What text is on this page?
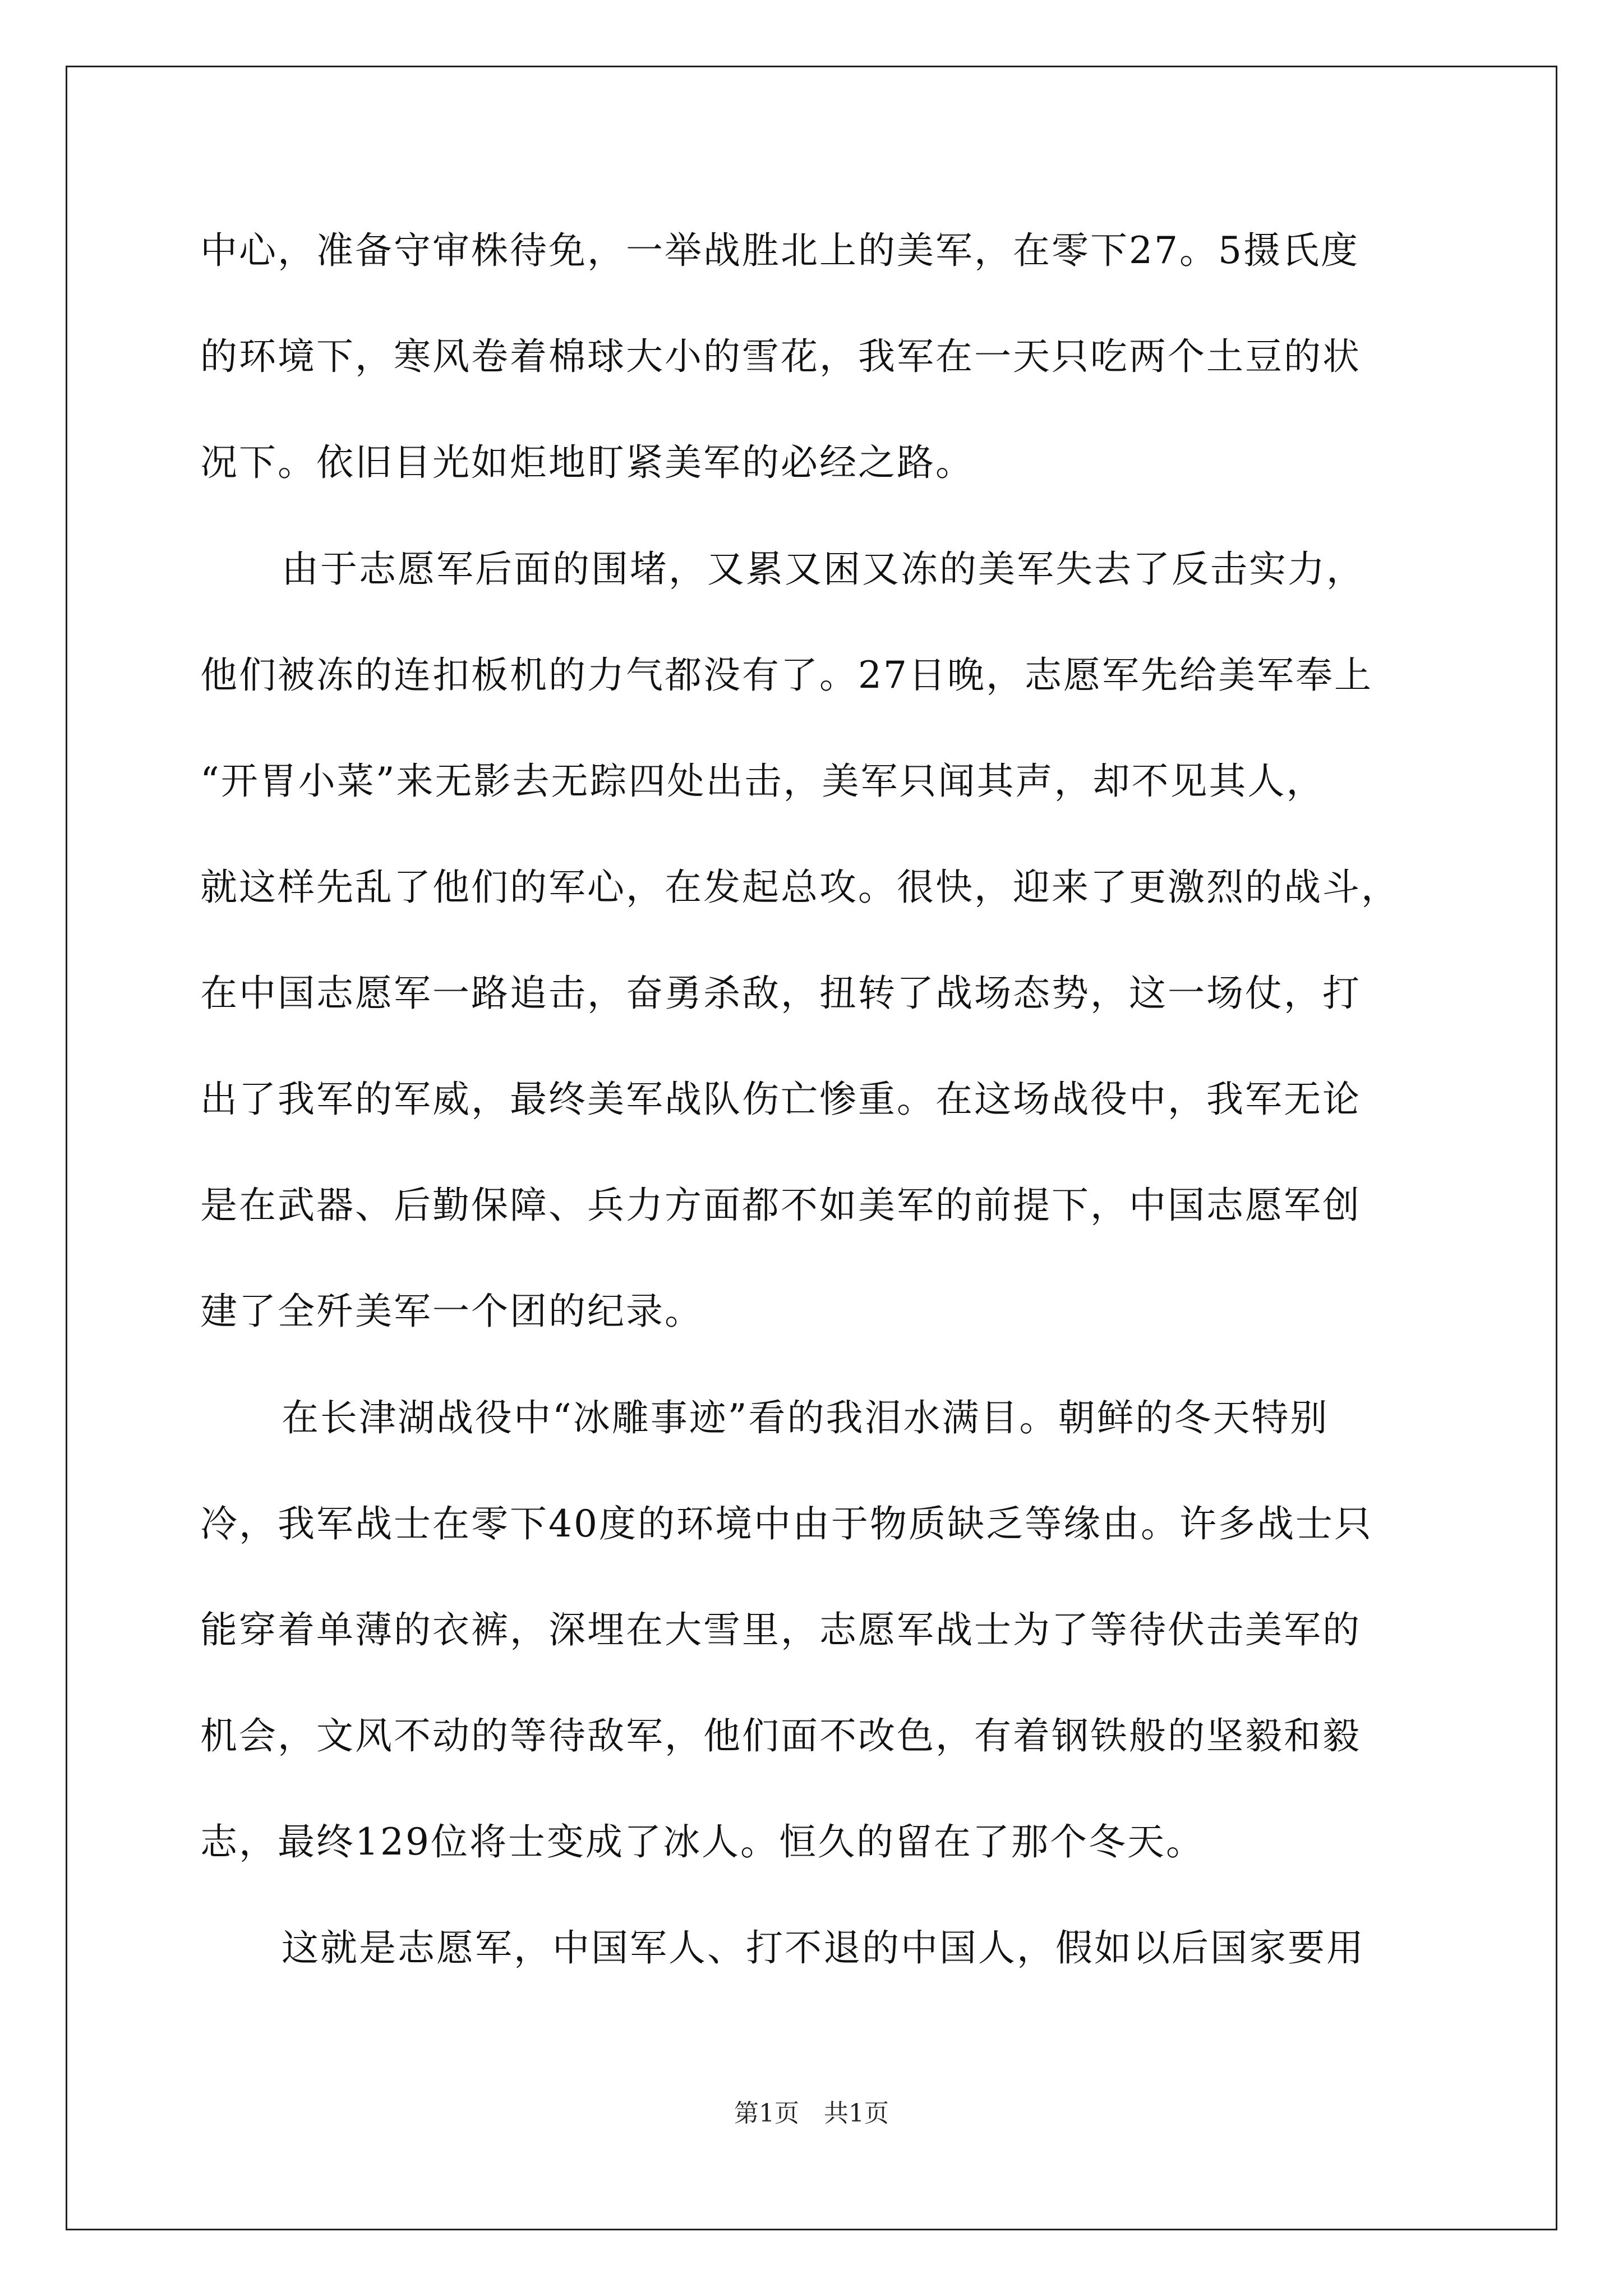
中心，准备守审株待免，一举战胜北上的美军，在零下27。5摄氏度
的环境下，寒风卷着棉球大小的雪花，我军在一天只吃两个土豆的状
况下。依旧目光如炬地盯紧美军的必经之路。
由于志愿军后面的围堵，又累又困又冻的美军失去了反击实力，
他们被冻的连扣板机的力气都没有了。27日晚，志愿军先给美军奉上
“开胃小菜”来无影去无踪四处出击，美军只闻其声，却不见其人，
就这样先乱了他们的军心，在发起总攻。很快，迎来了更激烈的战斗，
在中国志愿军一路追击，奋勇杀敌，扭转了战场态势，这一场仗，打
出了我军的军威，最终美军战队伤亡惨重。在这场战役中，我军无论
是在武器、后勤保障、兵力方面都不如美军的前提下，中国志愿军创
建了全歼美军一个团的纪录。
在长津湖战役中“冰雕事迹”看的我泪水满目。朝鲜的冬天特别
冷，我军战士在零下40度的环境中由于物质缺乏等缘由。许多战士只
能穿着单薄的衣裤，深埋在大雪里，志愿军战士为了等待伏击美军的
机会，文风不动的等待敌军，他们面不改色，有着钢铁般的坚毅和毅
志，最终129位将士变成了冰人。恒久的留在了那个冬天。
这就是志愿军，中国军人、打不退的中国人，假如以后国家要用
第1页　共1页
